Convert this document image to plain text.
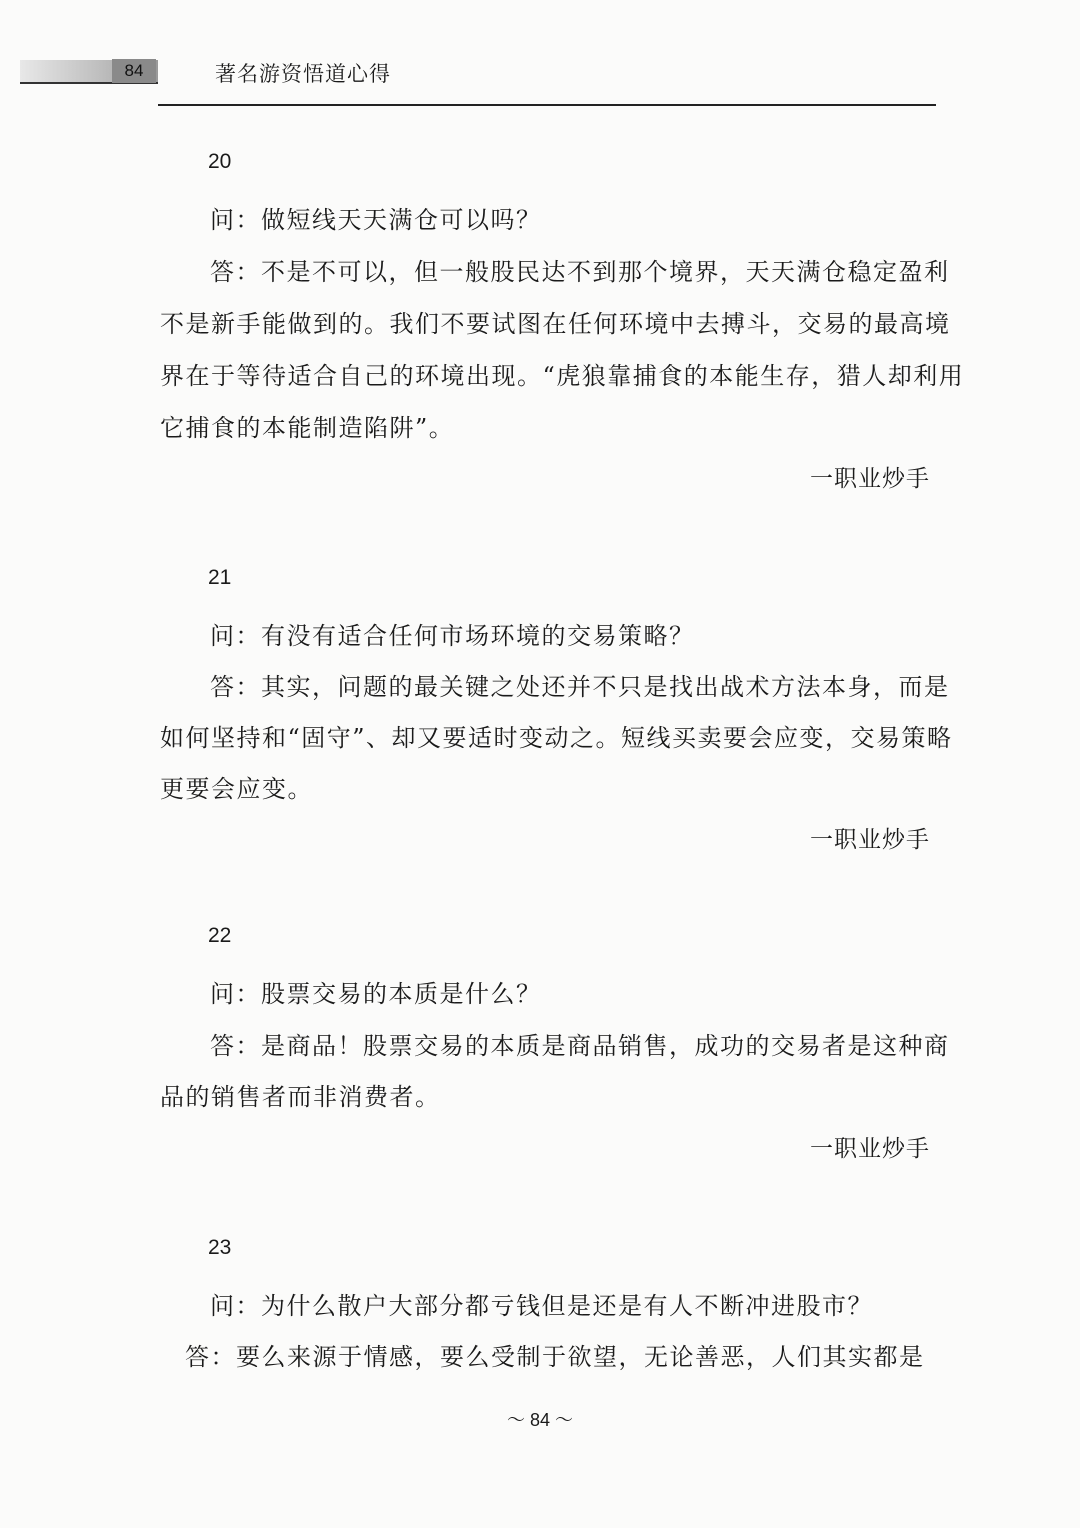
84	著名游资悟道心得
20
问：做短线天天满仓可以吗？
答：不是不可以，但一般股民达不到那个境界，天天满仓稳定盈利
不是新手能做到的。我们不要试图在任何环境中去搏斗，交易的最高境
界在于等待适合自己的环境出现。“虎狼靠捕食的本能生存，猎人却利用
它捕食的本能制造陷阱”。
一职业炒手
21
问：有没有适合任何市场环境的交易策略？
答：其实，问题的最关键之处还并不只是找出战术方法本身，而是
如何坚持和“固守”、却又要适时变动之。短线买卖要会应变，交易策略
更要会应变。
一职业炒手
22
问：股票交易的本质是什么？
答：是商品！股票交易的本质是商品销售，成功的交易者是这种商
品的销售者而非消费者。
一职业炒手
23
问：为什么散户大部分都亏钱但是还是有人不断冲进股市？
答：要么来源于情感，要么受制于欲望，无论善恶，人们其实都是
～ 84 ～
